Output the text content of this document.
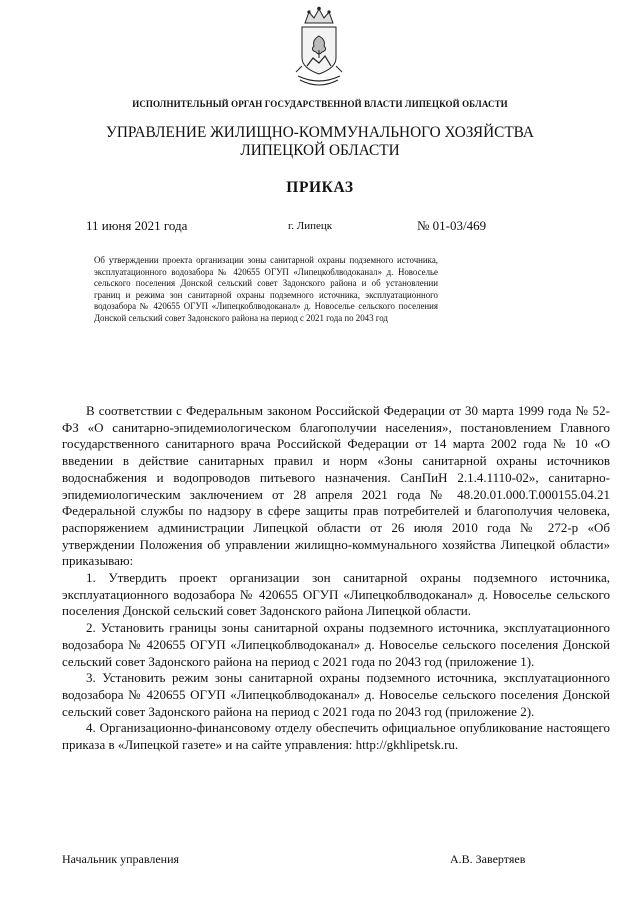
ИСПОЛНИТЕЛЬНЫЙ ОРГАН ГОСУДАРСТВЕННОЙ ВЛАСТИ ЛИПЕЦКОЙ ОБЛАСТИ
УПРАВЛЕНИЕ ЖИЛИЩНО-КОММУНАЛЬНОГО ХОЗЯЙСТВА
ЛИПЕЦКОЙ ОБЛАСТИ
ПРИКАЗ
11 июня 2021 года	г. Липецк	№ 01-03/469
Об утверждении проекта организации зоны санитарной охраны подземного источника, эксплуатационного водозабора № 420655 ОГУП «Липецкоблводоканал» д. Новоселье сельского поселения Донской сельский совет Задонского района и об установлении границ и режима зон санитарной охраны подземного источника, эксплуатационного водозабора № 420655 ОГУП «Липецкоблводоканал» д. Новоселье сельского поселения Донской сельский совет Задонского района на период с 2021 года по 2043 год

В соответствии с Федеральным законом Российской Федерации от 30 марта 1999 года № 52-ФЗ «О санитарно-эпидемиологическом благополучии населения», постановлением Главного государственного санитарного врача Российской Федерации от 14 марта 2002 года № 10 «О введении в действие санитарных правил и норм «Зоны санитарной охраны источников водоснабжения и водопроводов питьевого назначения. СанПиН 2.1.4.1110-02», санитарно-эпидемиологическим заключением от 28 апреля 2021 года № 48.20.01.000.Т.000155.04.21 Федеральной службы по надзору в сфере защиты прав потребителей и благополучия человека, распоряжением администрации Липецкой области от 26 июля 2010 года № 272-р «Об утверждении Положения об управлении жилищно-коммунального хозяйства Липецкой области» приказываю:

1. Утвердить проект организации зон санитарной охраны подземного источника, эксплуатационного водозабора № 420655 ОГУП «Липецкоблводоканал» д. Новоселье сельского поселения Донской сельский совет Задонского района Липецкой области.

2. Установить границы зоны санитарной охраны подземного источника, эксплуатационного водозабора № 420655 ОГУП «Липецкоблводоканал» д. Новоселье сельского поселения Донской сельский совет Задонского района на период с 2021 года по 2043 год (приложение 1).

3. Установить режим зоны санитарной охраны подземного источника, эксплуатационного водозабора № 420655 ОГУП «Липецкоблводоканал» д. Новоселье сельского поселения Донской сельский совет Задонского района на период с 2021 года по 2043 год (приложение 2).

4. Организационно-финансовому отделу обеспечить официальное опубликование настоящего приказа в «Липецкой газете» и на сайте управления: http://gkhlipetsk.ru.

Начальник управления	А.В. Завертяев
